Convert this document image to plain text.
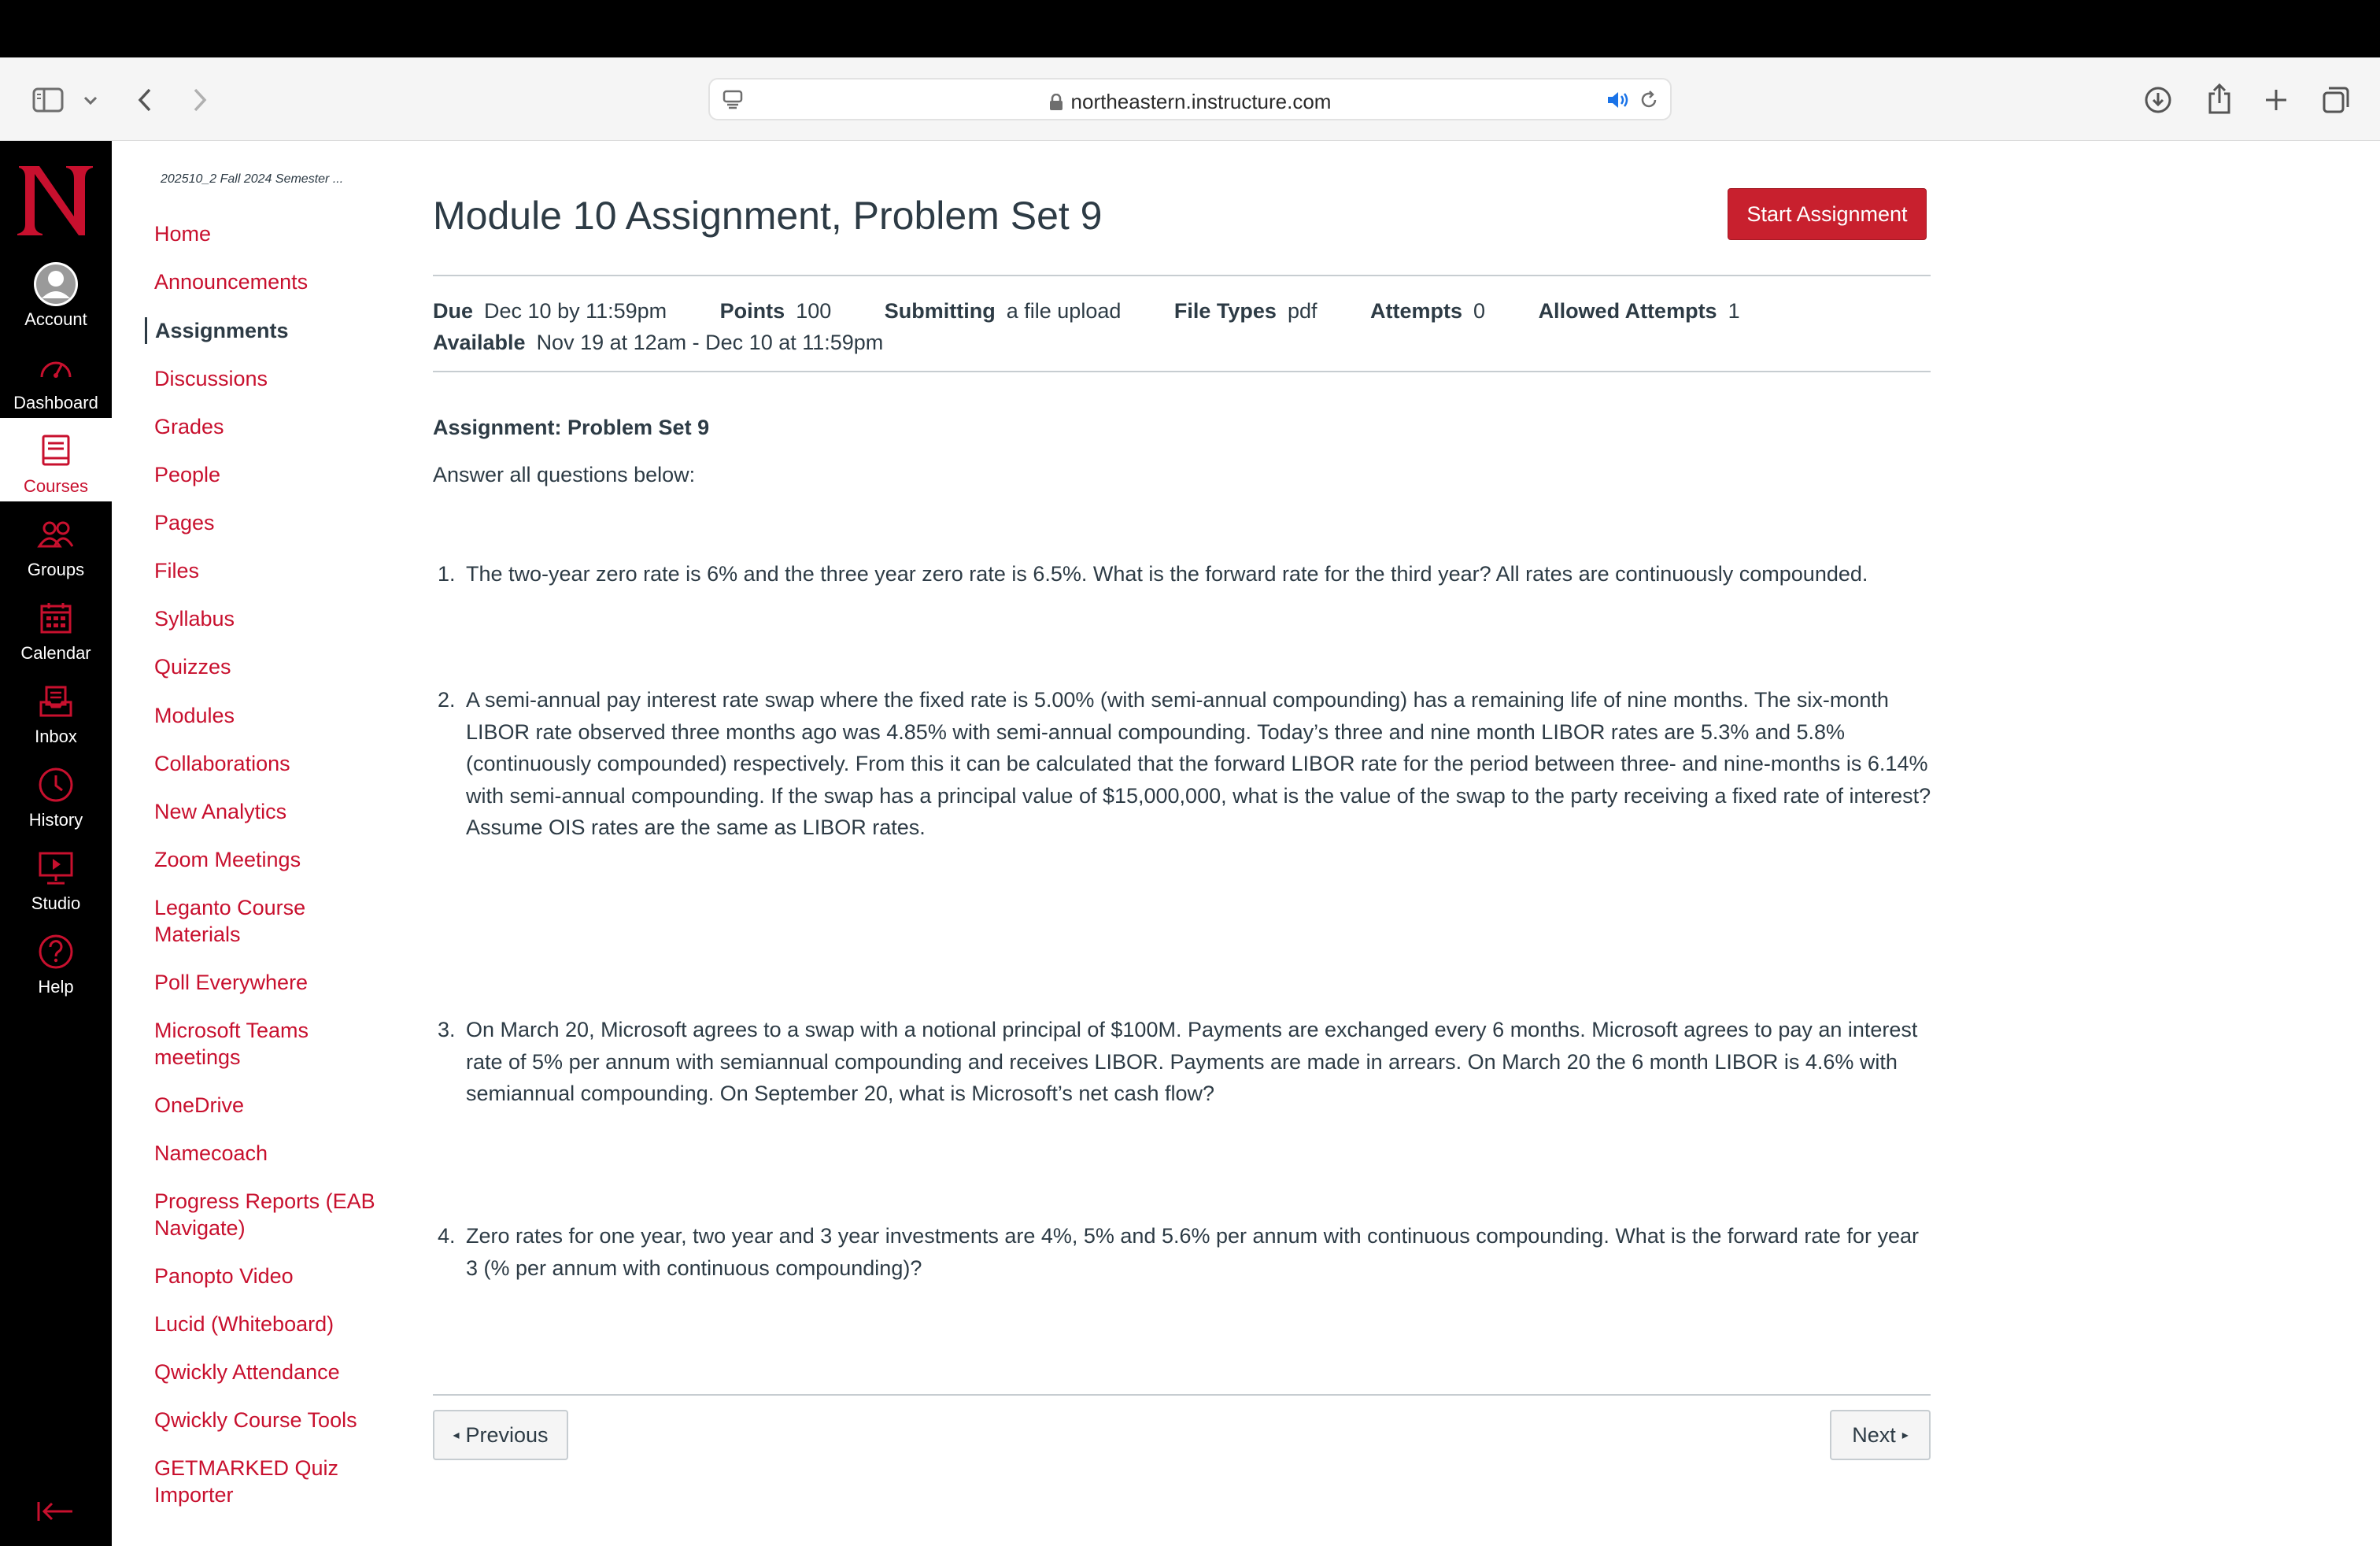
northeastern.instructure.com
Account
Dashboard
Courses
Groups
Calendar
Inbox
History
Studio
Help
202510_2 Fall 2024 Semester ...
Home
Announcements
Assignments
Discussions
Grades
People
Pages
Files
Syllabus
Quizzes
Modules
Collaborations
New Analytics
Zoom Meetings
Leganto Course Materials
Poll Everywhere
Microsoft Teams meetings
OneDrive
Namecoach
Progress Reports (EAB Navigate)
Panopto Video
Lucid (Whiteboard)
Qwickly Attendance
Qwickly Course Tools
GETMARKED Quiz Importer
Module 10 Assignment, Problem Set 9	Start Assignment
Due Dec 10 by 11:59pm	Points 100	Submitting a file upload	File Types pdf	Attempts 0	Allowed Attempts 1
Available Nov 19 at 12am - Dec 10 at 11:59pm
Assignment: Problem Set 9
Answer all questions below:
1. The two-year zero rate is 6% and the three year zero rate is 6.5%. What is the forward rate for the third year? All rates are continuously compounded.
2. A semi-annual pay interest rate swap where the fixed rate is 5.00% (with semi-annual compounding) has a remaining life of nine months. The six-month LIBOR rate observed three months ago was 4.85% with semi-annual compounding. Today’s three and nine month LIBOR rates are 5.3% and 5.8% (continuously compounded) respectively. From this it can be calculated that the forward LIBOR rate for the period between three- and nine-months is 6.14% with semi-annual compounding. If the swap has a principal value of $15,000,000, what is the value of the swap to the party receiving a fixed rate of interest? Assume OIS rates are the same as LIBOR rates.
3. On March 20, Microsoft agrees to a swap with a notional principal of $100M. Payments are exchanged every 6 months. Microsoft agrees to pay an interest rate of 5% per annum with semiannual compounding and receives LIBOR. Payments are made in arrears. On March 20 the 6 month LIBOR is 4.6% with semiannual compounding. On September 20, what is Microsoft’s net cash flow?
4. Zero rates for one year, two year and 3 year investments are 4%, 5% and 5.6% per annum with continuous compounding. What is the forward rate for year 3 (% per annum with continuous compounding)?
◂ Previous	Next ▸
